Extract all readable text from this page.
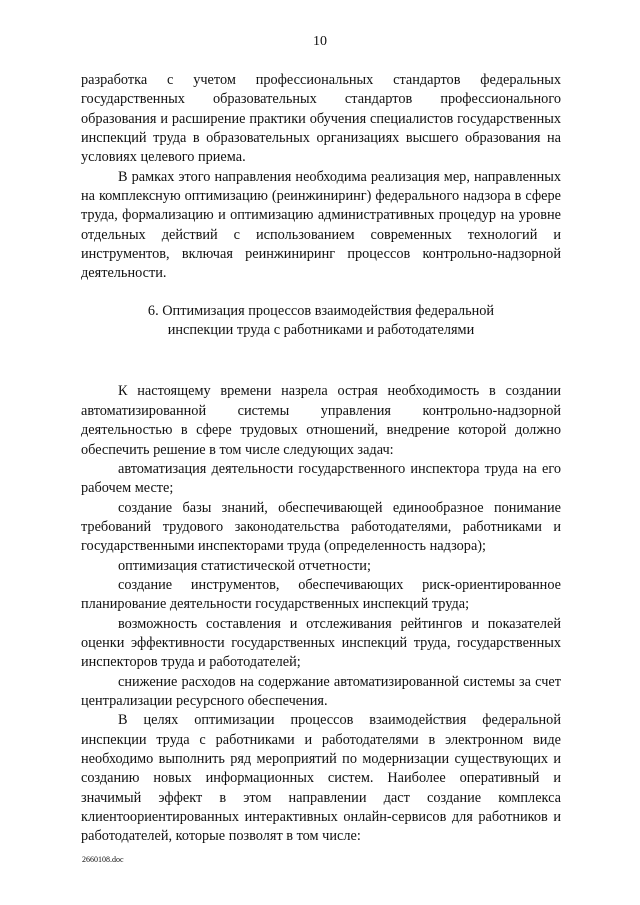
10

разработка с учетом профессиональных стандартов федеральных государственных образовательных стандартов профессионального образования и расширение практики обучения специалистов государственных инспекций труда в образовательных организациях высшего образования на условиях целевого приема.

В рамках этого направления необходима реализация мер, направленных на комплексную оптимизацию (реинжиниринг) федерального надзора в сфере труда, формализацию и оптимизацию административных процедур на уровне отдельных действий с использованием современных технологий и инструментов, включая реинжиниринг процессов контрольно-надзорной деятельности.

6. Оптимизация процессов взаимодействия федеральной
инспекции труда с работниками и работодателями

К настоящему времени назрела острая необходимость в создании автоматизированной системы управления контрольно-надзорной деятельностью в сфере трудовых отношений, внедрение которой должно обеспечить решение в том числе следующих задач:

автоматизация деятельности государственного инспектора труда на его рабочем месте;

создание базы знаний, обеспечивающей единообразное понимание требований трудового законодательства работодателями, работниками и государственными инспекторами труда (определенность надзора);

оптимизация статистической отчетности;

создание инструментов, обеспечивающих риск-ориентированное планирование деятельности государственных инспекций труда;

возможность составления и отслеживания рейтингов и показателей оценки эффективности государственных инспекций труда, государственных инспекторов труда и работодателей;

снижение расходов на содержание автоматизированной системы за счет централизации ресурсного обеспечения.

В целях оптимизации процессов взаимодействия федеральной инспекции труда с работниками и работодателями в электронном виде необходимо выполнить ряд мероприятий по модернизации существующих и созданию новых информационных систем. Наиболее оперативный и значимый эффект в этом направлении даст создание комплекса клиентоориентированных интерактивных онлайн-сервисов для работников и работодателей, которые позволят в том числе:

2660108.doc
